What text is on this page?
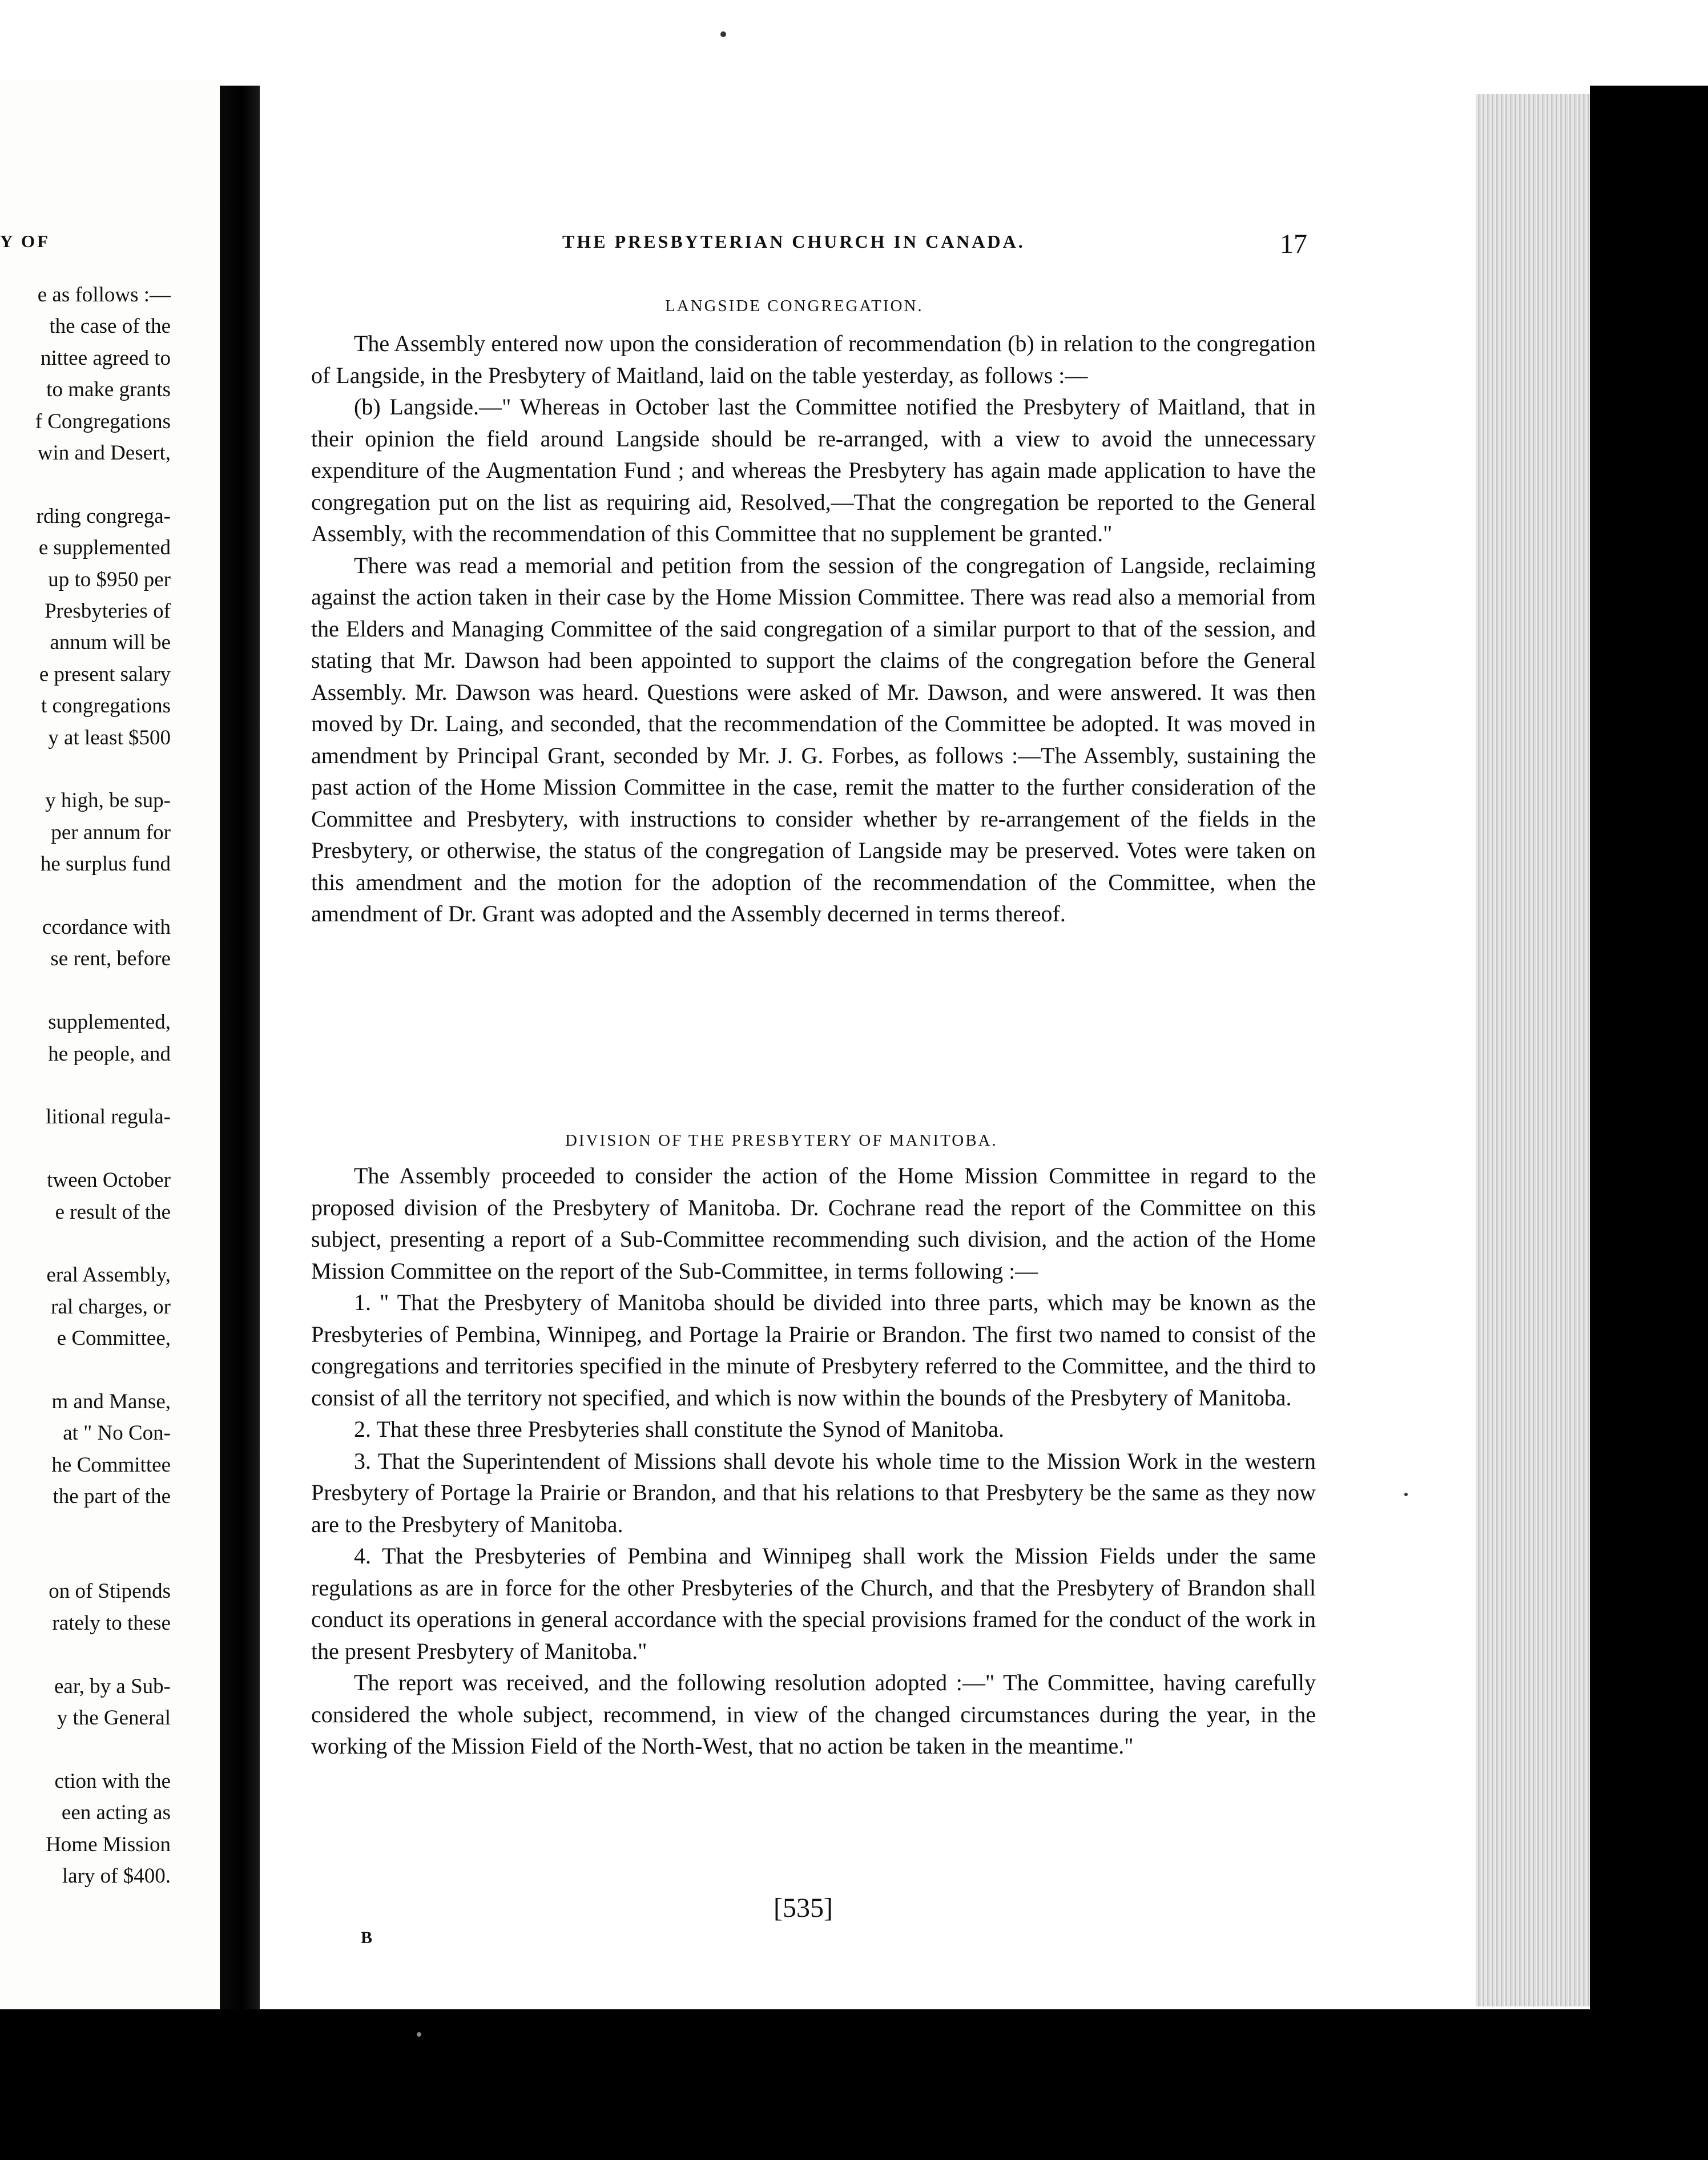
Y OF
e as follows :—
the case of the
nittee agreed to
to make grants
f Congregations
win and Desert,
rding congrega-
e supplemented
up to $950 per
Presbyteries of
annum will be
e present salary
t congregations
y at least $500
y high, be sup-
per annum for
he surplus fund
ccordance with
se rent, before
supplemented,
he people, and
litional regula-
tween October
e result of the
eral Assembly,
ral charges, or
e Committee,
m and Manse,
at " No Con-
he Committee
the part of the
on of Stipends
rately to these
ear, by a Sub-
y the General
ction with the
een acting as
Home Mission
lary of $400.
THE PRESBYTERIAN CHURCH IN CANADA.	17
LANGSIDE CONGREGATION.

The Assembly entered now upon the consideration of recommendation (b) in relation to the congregation of Langside, in the Presbytery of Maitland, laid on the table yesterday, as follows :—

(b) Langside.—" Whereas in October last the Committee notified the Presbytery of Maitland, that in their opinion the field around Langside should be re-arranged, with a view to avoid the unnecessary expenditure of the Augmentation Fund ; and whereas the Presbytery has again made application to have the congregation put on the list as requiring aid, Resolved,—That the congregation be reported to the General Assembly, with the recommendation of this Committee that no supplement be granted."

There was read a memorial and petition from the session of the congregation of Langside, reclaiming against the action taken in their case by the Home Mission Committee. There was read also a memorial from the Elders and Managing Committee of the said congregation of a similar purport to that of the session, and stating that Mr. Dawson had been appointed to support the claims of the congregation before the General Assembly. Mr. Dawson was heard. Questions were asked of Mr. Dawson, and were answered. It was then moved by Dr. Laing, and seconded, that the recommendation of the Committee be adopted. It was moved in amendment by Principal Grant, seconded by Mr. J. G. Forbes, as follows :—The Assembly, sustaining the past action of the Home Mission Committee in the case, remit the matter to the further consideration of the Committee and Presbytery, with instructions to consider whether by re-arrangement of the fields in the Presbytery, or otherwise, the status of the congregation of Langside may be preserved. Votes were taken on this amendment and the motion for the adoption of the recommendation of the Committee, when the amendment of Dr. Grant was adopted and the Assembly decerned in terms thereof.

DIVISION OF THE PRESBYTERY OF MANITOBA.

The Assembly proceeded to consider the action of the Home Mission Committee in regard to the proposed division of the Presbytery of Manitoba. Dr. Cochrane read the report of the Committee on this subject, presenting a report of a Sub-Committee recommending such division, and the action of the Home Mission Committee on the report of the Sub-Committee, in terms following :—

1. " That the Presbytery of Manitoba should be divided into three parts, which may be known as the Presbyteries of Pembina, Winnipeg, and Portage la Prairie or Brandon. The first two named to consist of the congregations and territories specified in the minute of Presbytery referred to the Committee, and the third to consist of all the territory not specified, and which is now within the bounds of the Presbytery of Manitoba.

2. That these three Presbyteries shall constitute the Synod of Manitoba.

3. That the Superintendent of Missions shall devote his whole time to the Mission Work in the western Presbytery of Portage la Prairie or Brandon, and that his relations to that Presbytery be the same as they now are to the Presbytery of Manitoba.

4. That the Presbyteries of Pembina and Winnipeg shall work the Mission Fields under the same regulations as are in force for the other Presbyteries of the Church, and that the Presbytery of Brandon shall conduct its operations in general accordance with the special provisions framed for the conduct of the work in the present Presbytery of Manitoba."

The report was received, and the following resolution adopted :—" The Committee, having carefully considered the whole subject, recommend, in view of the changed circumstances during the year, in the working of the Mission Field of the North-West, that no action be taken in the meantime."

[535]
B
